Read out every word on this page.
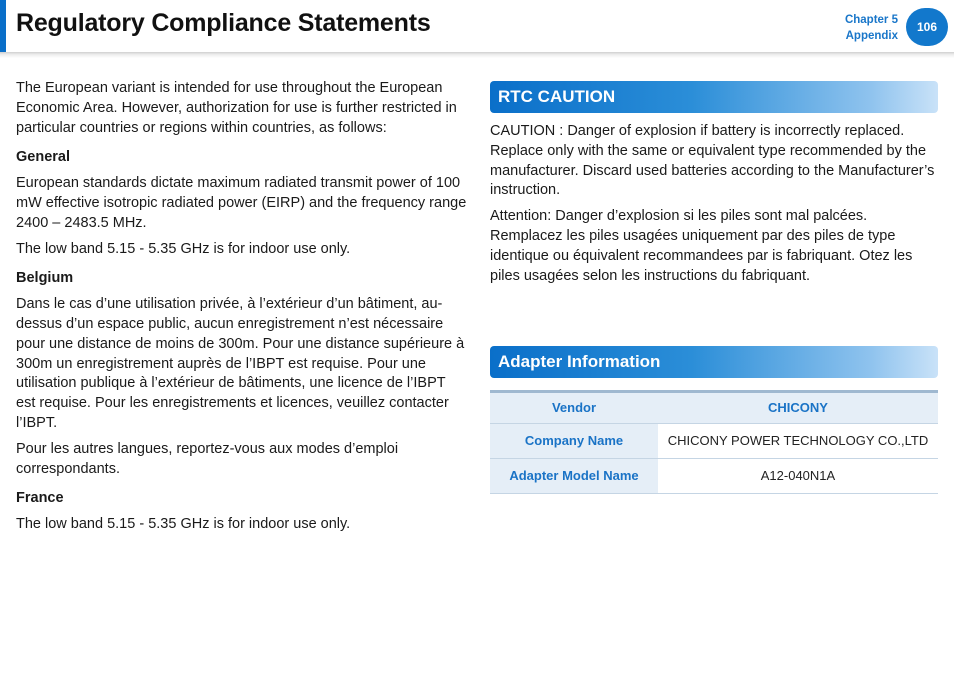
Regulatory Compliance Statements	Chapter 5
Appendix
106

The European variant is intended for use throughout the European Economic Area. However, authorization for use is further restricted in particular countries or regions within countries, as follows:

General

European standards dictate maximum radiated transmit power of 100 mW effective isotropic radiated power (EIRP) and the frequency range 2400 – 2483.5 MHz.

The low band 5.15 - 5.35 GHz is for indoor use only.

Belgium

Dans le cas d’une utilisation privée, à l’extérieur d’un bâtiment, au-dessus d’un espace public, aucun enregistrement n’est nécessaire pour une distance de moins de 300m. Pour une distance supérieure à 300m un enregistrement auprès de l’IBPT est requise. Pour une utilisation publique à l’extérieur de bâtiments, une licence de l’IBPT est requise. Pour les enregistrements et licences, veuillez contacter l’IBPT.

Pour les autres langues, reportez-vous aux modes d’emploi correspondants.

France

The low band 5.15 - 5.35 GHz is for indoor use only.

RTC CAUTION

CAUTION : Danger of explosion if battery is incorrectly replaced. Replace only with the same or equivalent type recommended by the manufacturer. Discard used batteries according to the Manufacturer’s instruction.

Attention: Danger d’explosion si les piles sont mal palcées. Remplacez les piles usagées uniquement par des piles de type identique ou équivalent recommandees par is fabriquant. Otez les piles usagées selon les instructions du fabriquant.

Adapter Information
Vendor	CHICONY
Company Name	CHICONY POWER TECHNOLOGY CO.,LTD
Adapter Model Name	A12-040N1A
